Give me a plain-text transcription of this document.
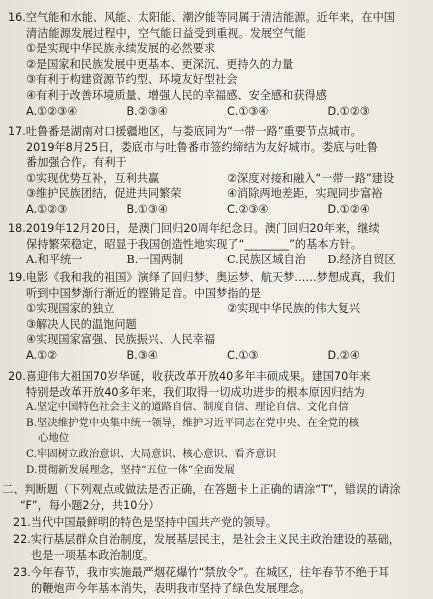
16.空气能和水能、风能、太阳能、潮汐能等同属于清洁能源。近年来，在中国
清洁能源发展过程中，空气能日益受到重视。发展空气能
①是实现中华民族永续发展的必然要求
②是国家和民族发展中更基本、更深沉、更持久的力量
③有利于构建资源节约型、环境友好型社会
④有利于改善环境质量、增强人民的幸福感、安全感和获得感
A.①②③④	B.②③④	C.①③④	D.①②③
17.吐鲁番是湖南对口援疆地区，与娄底同为“一带一路”重要节点城市。
2019年8月25日，娄底市与吐鲁番市签约缔结为友好城市。娄底与吐鲁
番加强合作，有利于
①实现优势互补，互利共赢	②深度对接和融入“一带一路”建设
③维护民族团结，促进共同繁荣	④消除两地差距，实现同步富裕
A.①②③	B.①③④	C.②③④	D.①②④
18.2019年12月20日，是澳门回归20周年纪念日。澳门回归20年来，继续
保持繁荣稳定，昭显于我国创造性地实现了“________”的基本方针。
A.和平统一	B.一国两制	C.民族区域自治	D.经济自贸区
19.电影《我和我的祖国》演绎了回归梦、奥运梦、航天梦……梦想成真，我们
听到中国梦渐行渐近的铿锵足音。中国梦指的是
①实现国家的独立	②实现中华民族的伟大复兴
③解决人民的温饱问题
④实现国家富强、民族振兴、人民幸福
A.①②	B.③④	C.①③	D.②④
20.喜迎伟大祖国70岁华诞，收获改革开放40多年丰硕成果。建国70年来
特别是改革开放40多年来，我们取得一切成功进步的根本原因归结为
A.坚定中国特色社会主义的道路自信、制度自信、理论自信、文化自信
B.坚决维护党中央集中统一领导，维护习近平同志在党中央、在全党的核
心地位
C.牢固树立政治意识、大局意识、核心意识、看齐意识
D.贯彻新发展理念，坚持“五位一体”全面发展
二、判断题（下列观点或做法是否正确，在答题卡上正确的请涂“T”，错误的请涂
“F”，每小题2分，共10分）
21.当代中国最鲜明的特色是坚持中国共产党的领导。
22.实行基层群众自治制度，发展基层民主，是社会主义民主政治建设的基础，
也是一项基本政治制度。
23.今年春节，我市实施最严烟花爆竹“禁放令”。在城区，往年春节不绝于耳
的鞭炮声今年基本消失，表明我市坚持了绿色发展理念。
